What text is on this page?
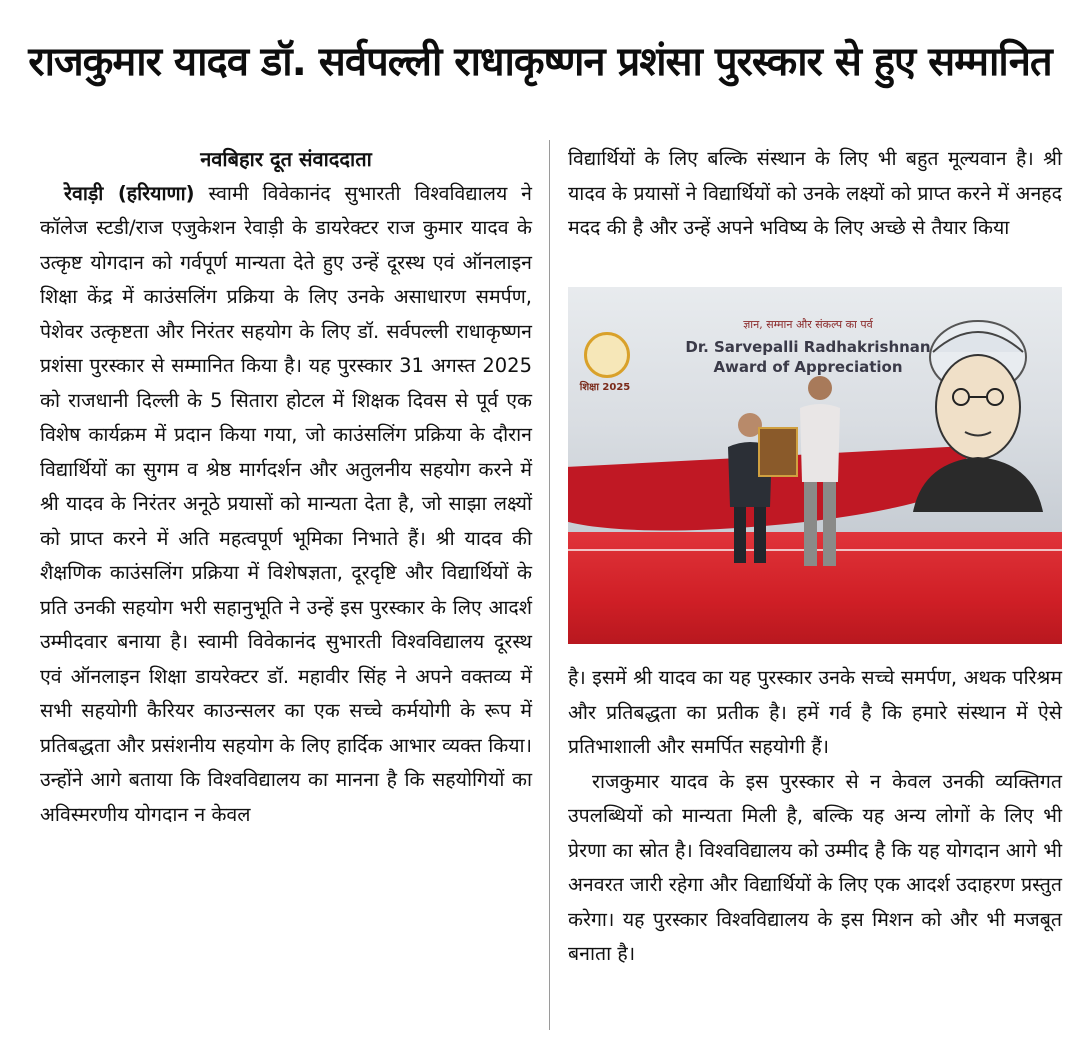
राजकुमार यादव डॉ. सर्वपल्ली राधाकृष्णन प्रशंसा पुरस्कार से हुए सम्मानित

नवबिहार दूत संवाददाता

रेवाड़ी (हरियाणा) स्वामी विवेकानंद सुभारती विश्वविद्यालय ने कॉलेज स्टडी/राज एजुकेशन रेवाड़ी के डायरेक्टर राज कुमार यादव के उत्कृष्ट योगदान को गर्वपूर्ण मान्यता देते हुए उन्हें दूरस्थ एवं ऑनलाइन शिक्षा केंद्र में काउंसलिंग प्रक्रिया के लिए उनके असाधारण समर्पण, पेशेवर उत्कृष्टता और निरंतर सहयोग के लिए डॉ. सर्वपल्ली राधाकृष्णन प्रशंसा पुरस्कार से सम्मानित किया है। यह पुरस्कार 31 अगस्त 2025 को राजधानी दिल्ली के 5 सितारा होटल में शिक्षक दिवस से पूर्व एक विशेष कार्यक्रम में प्रदान किया गया, जो काउंसलिंग प्रक्रिया के दौरान विद्यार्थियों का सुगम व श्रेष्ठ मार्गदर्शन और अतुलनीय सहयोग करने में श्री यादव के निरंतर अनूठे प्रयासों को मान्यता देता है, जो साझा लक्ष्यों को प्राप्त करने में अति महत्वपूर्ण भूमिका निभाते हैं। श्री यादव की शैक्षणिक काउंसलिंग प्रक्रिया में विशेषज्ञता, दूरदृष्टि और विद्यार्थियों के प्रति उनकी सहयोग भरी सहानुभूति ने उन्हें इस पुरस्कार के लिए आदर्श उम्मीदवार बनाया है। स्वामी विवेकानंद सुभारती विश्वविद्यालय दूरस्थ एवं ऑनलाइन शिक्षा डायरेक्टर डॉ. महावीर सिंह ने अपने वक्तव्य में सभी सहयोगी कैरियर काउन्सलर का एक सच्चे कर्मयोगी के रूप में प्रतिबद्धता और प्रसंशनीय सहयोग के लिए हार्दिक आभार व्यक्त किया। उन्होंने आगे बताया कि विश्वविद्यालय का मानना है कि सहयोगियों का अविस्मरणीय योगदान न केवल

विद्यार्थियों के लिए बल्कि संस्थान के लिए भी बहुत मूल्यवान है। श्री यादव के प्रयासों ने विद्यार्थियों को उनके लक्ष्यों को प्राप्त करने में अनहद मदद की है और उन्हें अपने भविष्य के लिए अच्छे से तैयार किया

शिक्षा 2025
ज्ञान, सम्मान और संकल्प का पर्व
Dr. Sarvepalli Radhakrishnan
Award of Appreciation

है। इसमें श्री यादव का यह पुरस्कार उनके सच्चे समर्पण, अथक परिश्रम और प्रतिबद्धता का प्रतीक है। हमें गर्व है कि हमारे संस्थान में ऐसे प्रतिभाशाली और समर्पित सहयोगी हैं।

राजकुमार यादव के इस पुरस्कार से न केवल उनकी व्यक्तिगत उपलब्धियों को मान्यता मिली है, बल्कि यह अन्य लोगों के लिए भी प्रेरणा का स्रोत है। विश्वविद्यालय को उम्मीद है कि यह योगदान आगे भी अनवरत जारी रहेगा और विद्यार्थियों के लिए एक आदर्श उदाहरण प्रस्तुत करेगा। यह पुरस्कार विश्वविद्यालय के इस मिशन को और भी मजबूत बनाता है।
